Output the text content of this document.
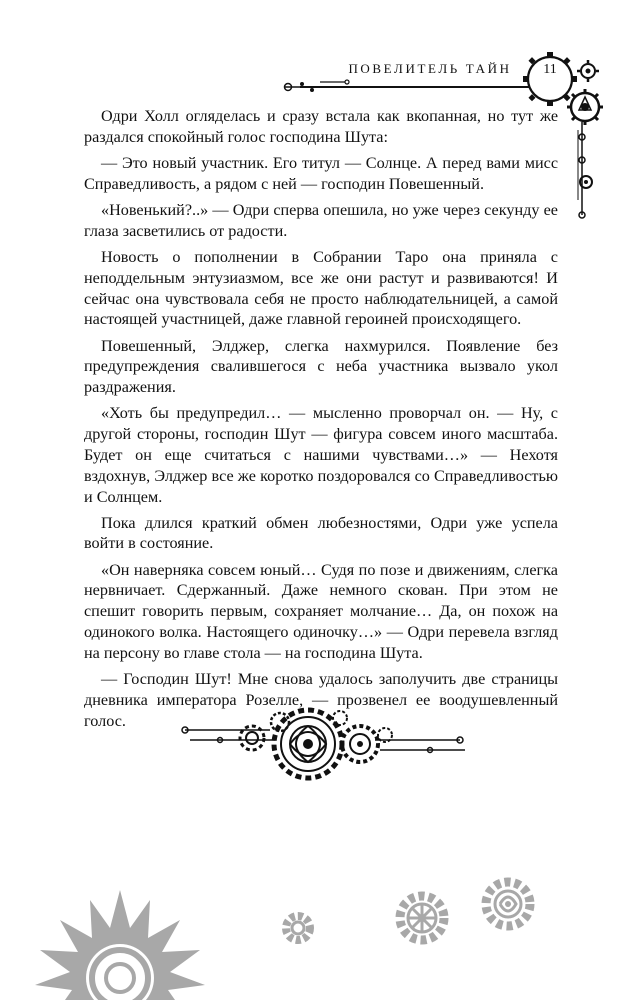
ПОВЕЛИТЕЛЬ ТАЙН	11

Одри Холл огляделась и сразу встала как вкопанная, но тут же раздался спокойный голос господина Шута:

— Это новый участник. Его титул — Солнце. А перед вами мисс Справедливость, а рядом с ней — господин Повешенный.

«Новенький?..» — Одри сперва опешила, но уже через секунду ее глаза засветились от радости.

Новость о пополнении в Собрании Таро она приняла с неподдельным энтузиазмом, все же они растут и развиваются! И сейчас она чувствовала себя не просто наблюдательницей, а самой настоящей участницей, даже главной героиней происходящего.

Повешенный, Элджер, слегка нахмурился. Появление без предупреждения свалившегося с неба участника вызвало укол раздражения.

«Хоть бы предупредил… — мысленно проворчал он. — Ну, с другой стороны, господин Шут — фигура совсем иного масштаба. Будет он еще считаться с нашими чувствами…» — Нехотя вздохнув, Элджер все же коротко поздоровался со Справедливостью и Солнцем.

Пока длился краткий обмен любезностями, Одри уже успела войти в состояние.

«Он наверняка совсем юный… Судя по позе и движениям, слегка нервничает. Сдержанный. Даже немного скован. При этом не спешит говорить первым, сохраняет молчание… Да, он похож на одинокого волка. Настоящего одиночку…» — Одри перевела взгляд на персону во главе стола — на господина Шута.

— Господин Шут! Мне снова удалось заполучить две страницы дневника императора Розелле, — прозвенел ее воодушевленный голос.
